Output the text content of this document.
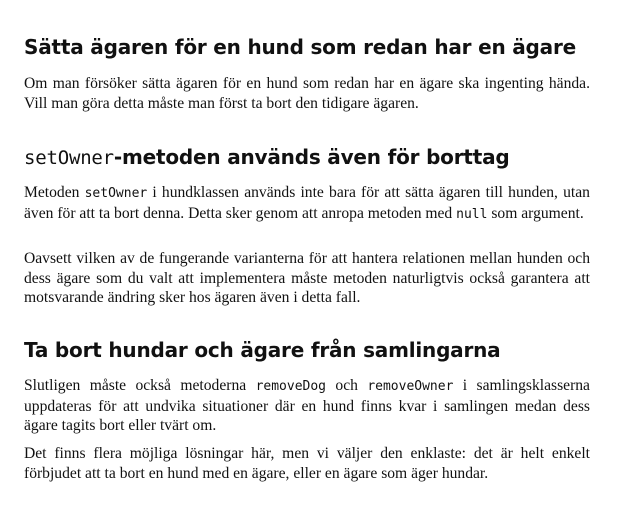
Sätta ägaren för en hund som redan har en ägare

Om man försöker sätta ägaren för en hund som redan har en ägare ska ingenting hända. Vill man göra detta måste man först ta bort den tidigare ägaren.

setOwner-metoden används även för borttag

Metoden setOwner i hundklassen används inte bara för att sätta ägaren till hunden, utan även för att ta bort denna. Detta sker genom att anropa metoden med null som argument.

Oavsett vilken av de fungerande varianterna för att hantera relationen mellan hunden och dess ägare som du valt att implementera måste metoden naturligtvis också garantera att motsvarande ändring sker hos ägaren även i detta fall.

Ta bort hundar och ägare från samlingarna

Slutligen måste också metoderna removeDog och removeOwner i samlingsklasserna uppdateras för att undvika situationer där en hund finns kvar i samlingen medan dess ägare tagits bort eller tvärt om.

Det finns flera möjliga lösningar här, men vi väljer den enklaste: det är helt enkelt förbjudet att ta bort en hund med en ägare, eller en ägare som äger hundar.
